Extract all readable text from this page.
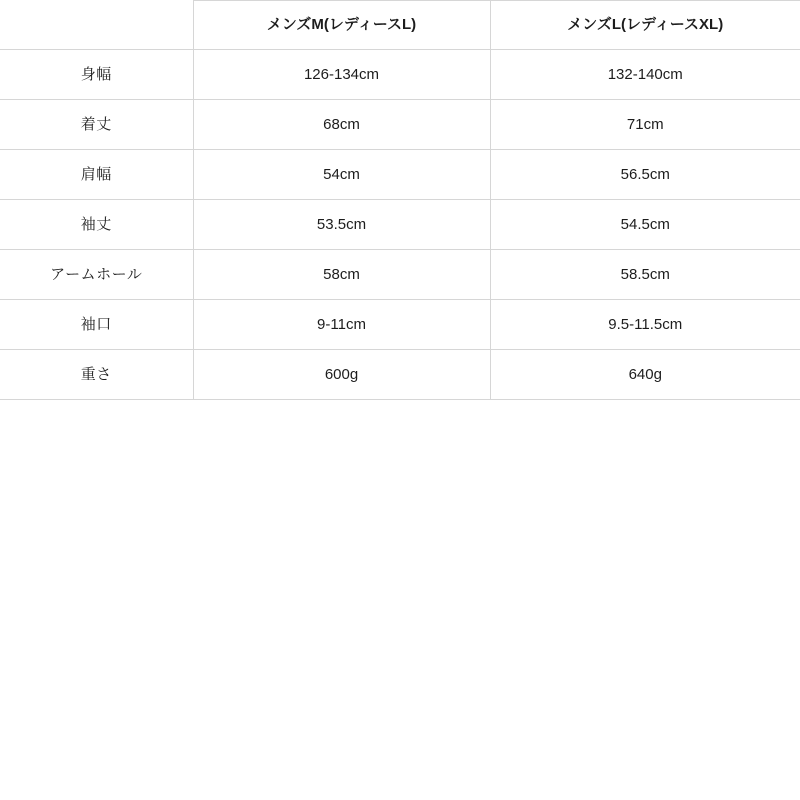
	メンズM(レディースL)	メンズL(レディースXL)
身幅	126-134cm	132-140cm
着丈	68cm	71cm
肩幅	54cm	56.5cm
袖丈	53.5cm	54.5cm
アームホール	58cm	58.5cm
袖口	9-11cm	9.5-11.5cm
重さ	600g	640g
